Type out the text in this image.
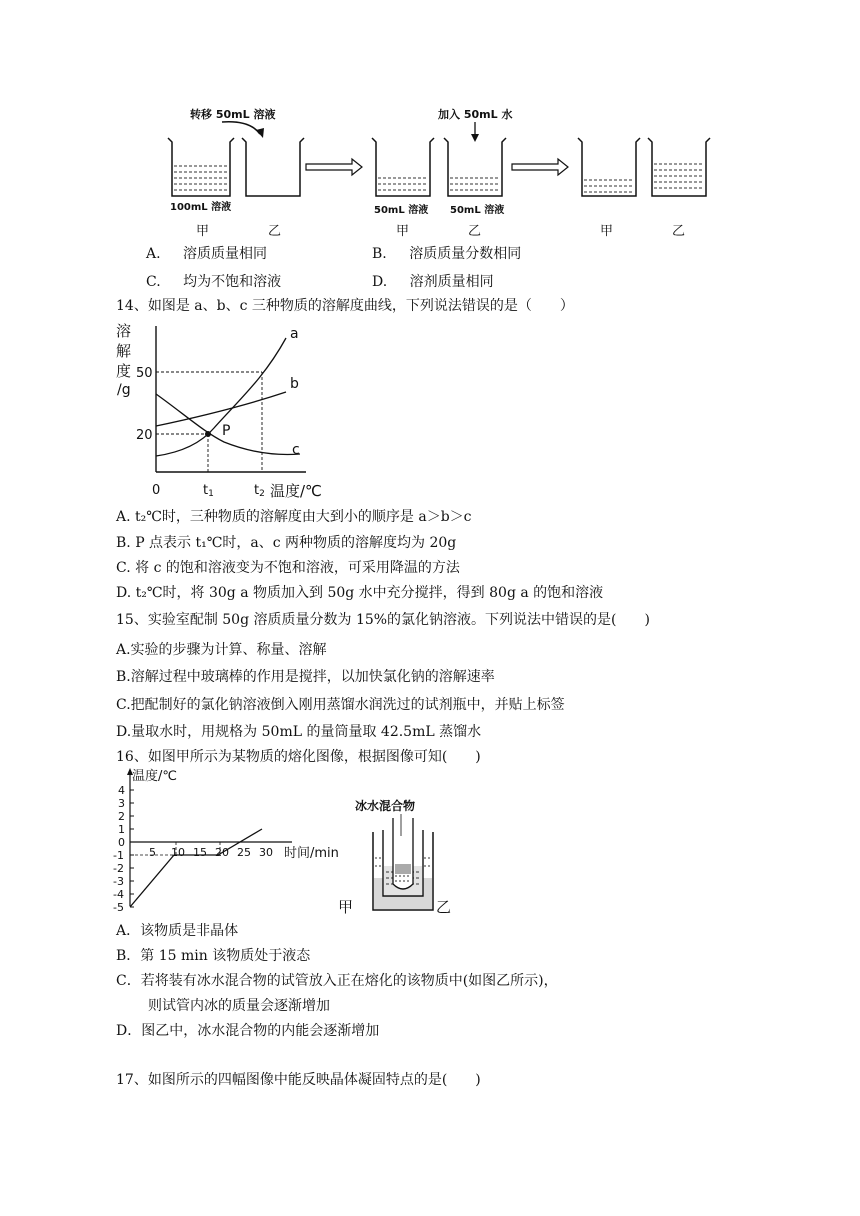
转移 50mL 溶液	加入 50mL 水
100mL 溶液	50mL 溶液 50mL 溶液
甲	乙	甲	乙	甲	乙
A. 溶质质量相同	B. 溶质质量分数相同
C. 均为不饱和溶液	D. 溶剂质量相同
14、如图是 a、b、c 三种物质的溶解度曲线，下列说法错误的是（　　）
溶
解
度
/g
50
20
0	t1	t2 温度/℃
P
a
b
c
A. t₂℃时，三种物质的溶解度由大到小的顺序是 a＞b＞c
B. P 点表示 t₁℃时，a、c 两种物质的溶解度均为 20g
C. 将 c 的饱和溶液变为不饱和溶液，可采用降温的方法
D. t₂℃时，将 30g a 物质加入到 50g 水中充分搅拌，得到 80g a 的饱和溶液
15、实验室配制 50g 溶质质量分数为 15%的氯化钠溶液。下列说法中错误的是(　　)
A.实验的步骤为计算、称量、溶解
B.溶解过程中玻璃棒的作用是搅拌，以加快氯化钠的溶解速率
C.把配制好的氯化钠溶液倒入刚用蒸馏水润洗过的试剂瓶中，并贴上标签
D.量取水时，用规格为 50mL 的量筒量取 42.5mL 蒸馏水
16、如图甲所示为某物质的熔化图像，根据图像可知(　　)
温度/℃
4
3
2
1
0
-1
-2
-3
-4
-5
5 10 15 20 25 30 时间/min
甲
冰水混合物
乙
A．该物质是非晶体
B．第 15 min 该物质处于液态
C．若将装有冰水混合物的试管放入正在熔化的该物质中(如图乙所示)，
则试管内冰的质量会逐渐增加
D．图乙中，冰水混合物的内能会逐渐增加
17、如图所示的四幅图像中能反映晶体凝固特点的是(　　)
